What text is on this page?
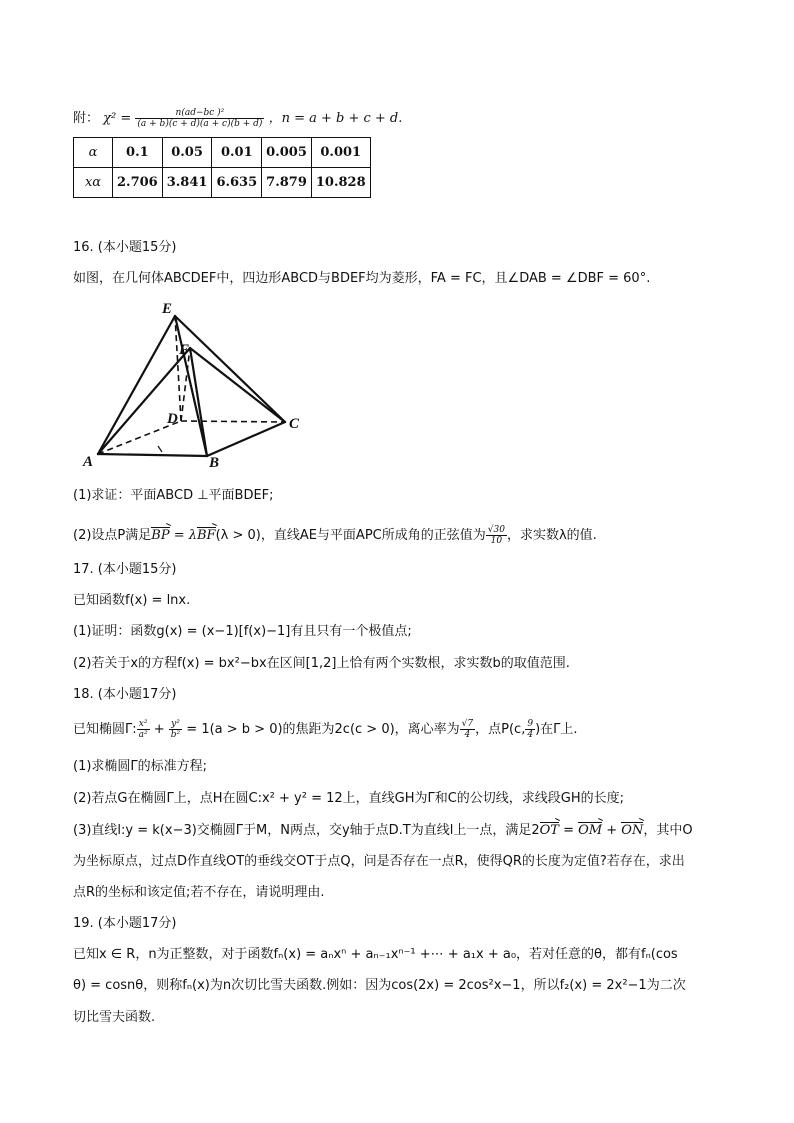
附： $\chi^2 = \frac{\text{n(ad−bc )²}}{(a + b)(c + d)(a + c)(b + d)}$ ，n = a + b + c + d.
α	0.1	0.05	0.01	0.005	0.001
xα	2.706	3.841	6.635	7.879	10.828
16. (本小题15分)
如图，在几何体ABCDEF中，四边形ABCD与BDEF均为菱形，FA = FC，且∠DAB = ∠DBF = 60°.
E
F
D	C
A	B
(1)求证：平面ABCD ⊥平面BDEF;
(2)设点P满足BP = λBF(λ > 0)，直线AE与平面APC所成角的正弦值为 $\frac{√30}{10}$ ，求实数λ的值.
17. (本小题15分)
已知函数f(x) = lnx.
(1)证明：函数g(x) = (x−1)[f(x)−1]有且只有一个极值点;
(2)若关于x的方程f(x) = bx²−bx在区间[1,2]上恰有两个实数根，求实数b的取值范围.
18. (本小题17分)
已知椭圆Γ: $\frac{\text{x²}}{\text{a²}} + \frac{\text{y²}}{\text{b²}} = 1(a > b > 0)$的焦距为2c(c > 0)，离心率为 $\frac{√7}{4}$ ，点P(c, $\frac{9}{4}$ )在Γ上.
(1)求椭圆Γ的标准方程;
(2)若点G在椭圆Γ上，点H在圆C:x² + y² = 12上，直线GH为Γ和C的公切线，求线段GH的长度;
(3)直线l:y = k(x−3)交椭圆Γ于M，N两点，交y轴于点D.T为直线l上一点，满足2OT = OM + ON，其中O
为坐标原点，过点D作直线OT的垂线交OT于点Q，问是否存在一点R，使得QR的长度为定值?若存在，求出
点R的坐标和该定值;若不存在，请说明理由.
19. (本小题17分)
已知x ∈ R，n为正整数，对于函数fₙ(x) = aₙxⁿ + aₙ₋₁xⁿ⁻¹ +⋯ + a₁x + a₀，若对任意的θ，都有fₙ(cos
θ) = cosnθ，则称fₙ(x)为n次切比雪夫函数.例如：因为cos(2x) = 2cos²x−1，所以f₂(x) = 2x²−1为二次
切比雪夫函数.
